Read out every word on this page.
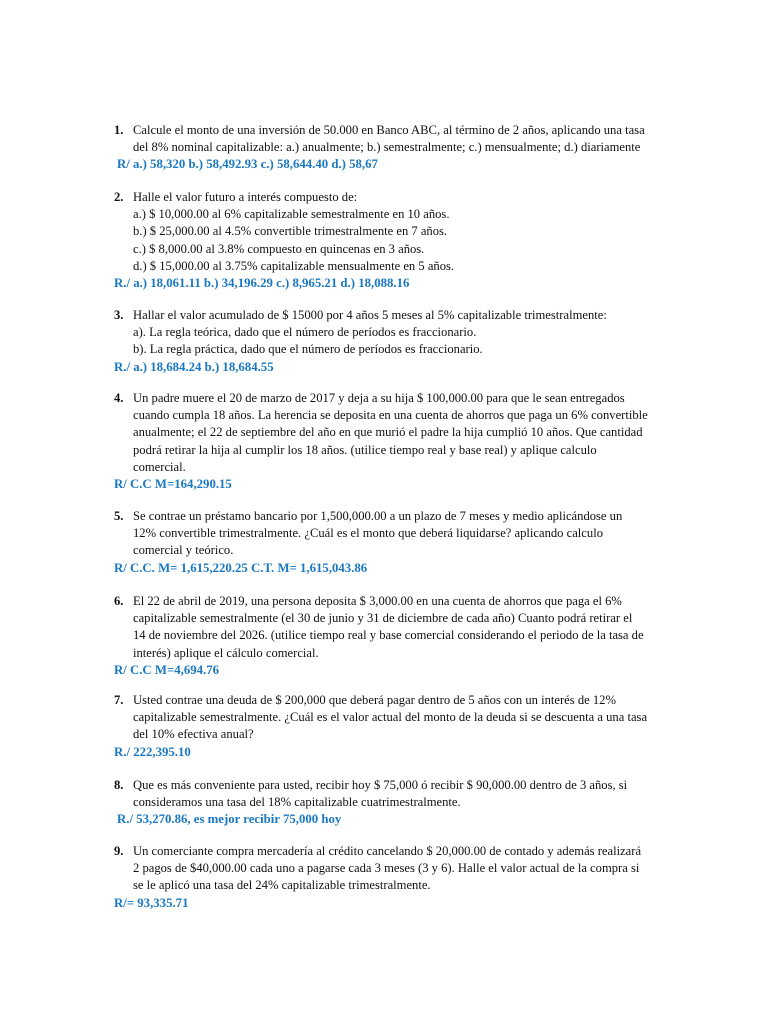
1. Calcule el monto de una inversión de 50.000 en Banco ABC, al término de 2 años, aplicando una tasa
del 8% nominal capitalizable: a.) anualmente; b.) semestralmente; c.) mensualmente; d.) diariamente
R/ a.) 58,320 b.) 58,492.93 c.) 58,644.40 d.) 58,67
2. Halle el valor futuro a interés compuesto de:
a.) $ 10,000.00 al 6% capitalizable semestralmente en 10 años.
b.) $ 25,000.00 al 4.5% convertible trimestralmente en 7 años.
c.) $ 8,000.00 al 3.8% compuesto en quincenas en 3 años.
d.) $ 15,000.00 al 3.75% capitalizable mensualmente en 5 años.
R./ a.) 18,061.11 b.) 34,196.29 c.) 8,965.21 d.) 18,088.16
3. Hallar el valor acumulado de $ 15000 por 4 años 5 meses al 5% capitalizable trimestralmente:
a). La regla teórica, dado que el número de períodos es fraccionario.
b). La regla práctica, dado que el número de períodos es fraccionario.
R./ a.) 18,684.24 b.) 18,684.55
4. Un padre muere el 20 de marzo de 2017 y deja a su hija $ 100,000.00 para que le sean entregados
cuando cumpla 18 años. La herencia se deposita en una cuenta de ahorros que paga un 6% convertible
anualmente; el 22 de septiembre del año en que murió el padre la hija cumplió 10 años. Que cantidad
podrá retirar la hija al cumplir los 18 años. (utilice tiempo real y base real) y aplique calculo
comercial.
R/ C.C M=164,290.15
5. Se contrae un préstamo bancario por 1,500,000.00 a un plazo de 7 meses y medio aplicándose un
12% convertible trimestralmente. ¿Cuál es el monto que deberá liquidarse? aplicando calculo
comercial y teórico.
R/ C.C. M= 1,615,220.25 C.T. M= 1,615,043.86
6. El 22 de abril de 2019, una persona deposita $ 3,000.00 en una cuenta de ahorros que paga el 6%
capitalizable semestralmente (el 30 de junio y 31 de diciembre de cada año) Cuanto podrá retirar el
14 de noviembre del 2026. (utilice tiempo real y base comercial considerando el periodo de la tasa de
interés) aplique el cálculo comercial.
R/ C.C M=4,694.76
7. Usted contrae una deuda de $ 200,000 que deberá pagar dentro de 5 años con un interés de 12%
capitalizable semestralmente. ¿Cuál es el valor actual del monto de la deuda si se descuenta a una tasa
del 10% efectiva anual?
R./ 222,395.10
8. Que es más conveniente para usted, recibir hoy $ 75,000 ó recibir $ 90,000.00 dentro de 3 años, si
consideramos una tasa del 18% capitalizable cuatrimestralmente.
R./ 53,270.86, es mejor recibir 75,000 hoy
9. Un comerciante compra mercadería al crédito cancelando $ 20,000.00 de contado y además realizará
2 pagos de $40,000.00 cada uno a pagarse cada 3 meses (3 y 6). Halle el valor actual de la compra si
se le aplicó una tasa del 24% capitalizable trimestralmente.
R/= 93,335.71
